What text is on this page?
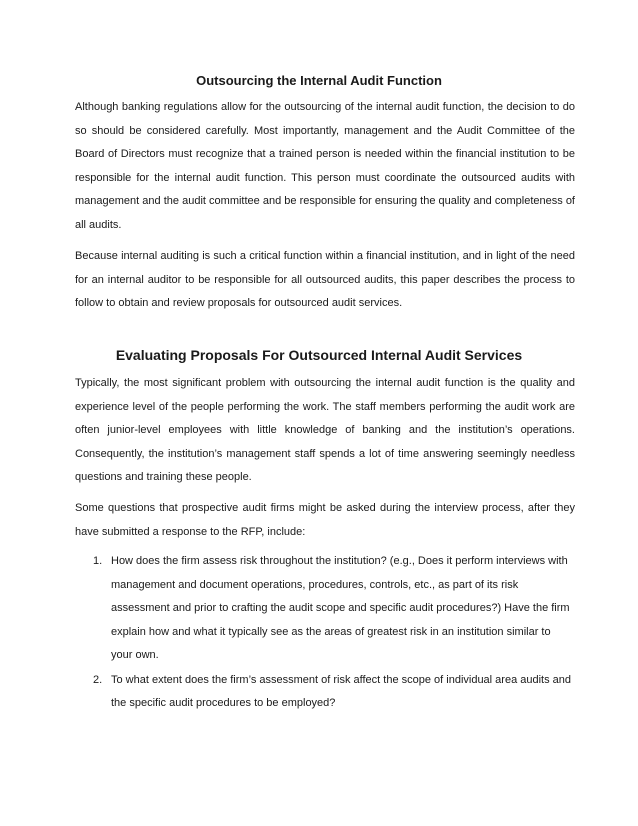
Outsourcing the Internal Audit Function

Although banking regulations allow for the outsourcing of the internal audit function, the decision to do so should be considered carefully. Most importantly, management and the Audit Committee of the Board of Directors must recognize that a trained person is needed within the financial institution to be responsible for the internal audit function. This person must coordinate the outsourced audits with management and the audit committee and be responsible for ensuring the quality and completeness of all audits.

Because internal auditing is such a critical function within a financial institution, and in light of the need for an internal auditor to be responsible for all outsourced audits, this paper describes the process to follow to obtain and review proposals for outsourced audit services.

Evaluating Proposals For Outsourced Internal Audit Services

Typically, the most significant problem with outsourcing the internal audit function is the quality and experience level of the people performing the work. The staff members performing the audit work are often junior-level employees with little knowledge of banking and the institution’s operations. Consequently, the institution’s management staff spends a lot of time answering seemingly needless questions and training these people.

Some questions that prospective audit firms might be asked during the interview process, after they have submitted a response to the RFP, include:

1. How does the firm assess risk throughout the institution? (e.g., Does it perform interviews with management and document operations, procedures, controls, etc., as part of its risk assessment and prior to crafting the audit scope and specific audit procedures?) Have the firm explain how and what it typically see as the areas of greatest risk in an institution similar to your own.
2. To what extent does the firm’s assessment of risk affect the scope of individual area audits and the specific audit procedures to be employed?
